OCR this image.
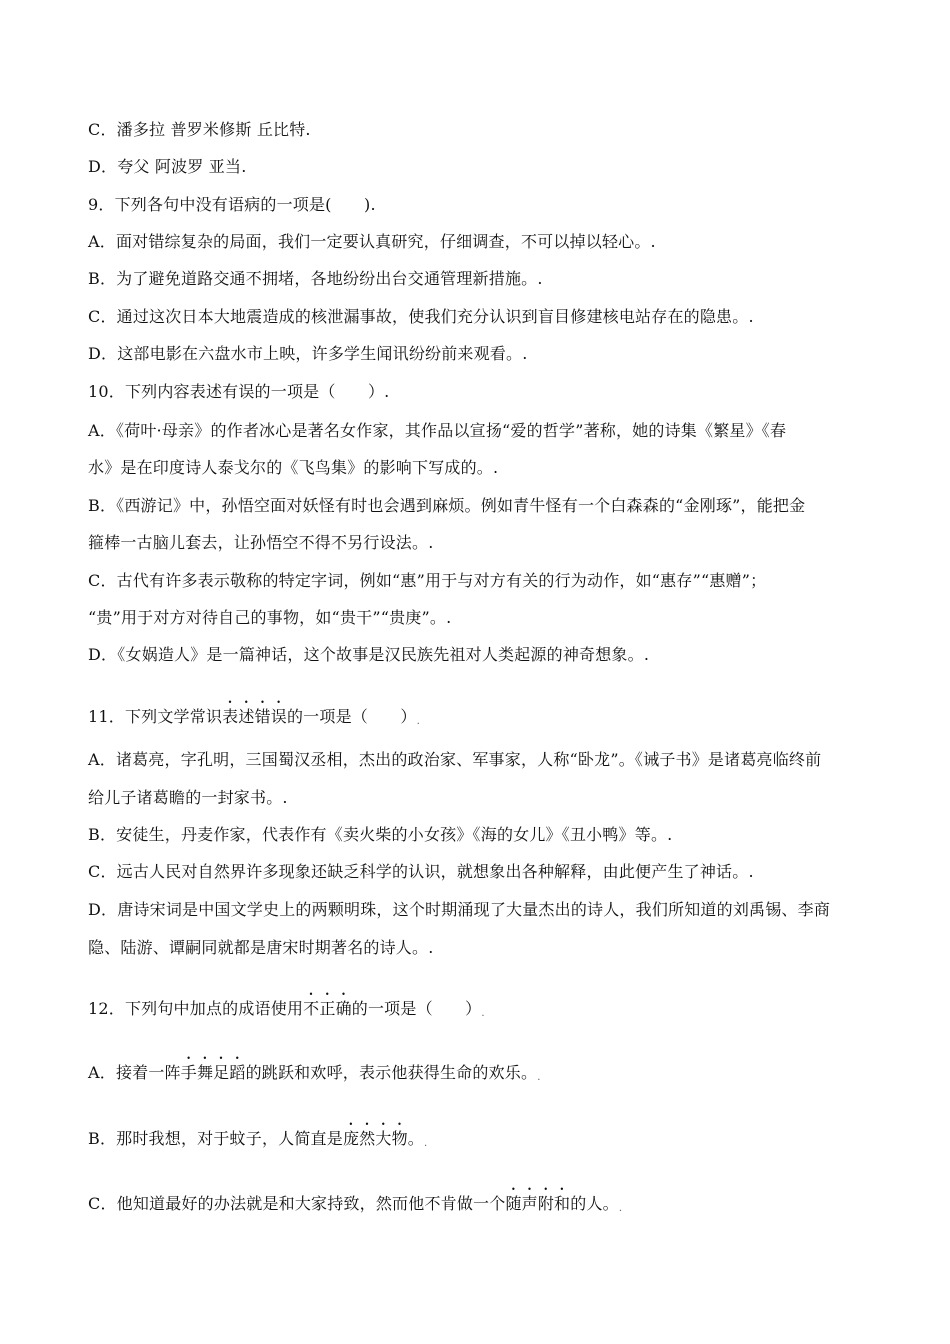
C．潘多拉 普罗米修斯 丘比特.
D．夸父 阿波罗 亚当.
9．下列各句中没有语病的一项是(　　).
A．面对错综复杂的局面，我们一定要认真研究，仔细调查，不可以掉以轻心。.
B．为了避免道路交通不拥堵，各地纷纷出台交通管理新措施。.
C．通过这次日本大地震造成的核泄漏事故，使我们充分认识到盲目修建核电站存在的隐患。.
D．这部电影在六盘水市上映，许多学生闻讯纷纷前来观看。.
10．下列内容表述有误的一项是（　　）.
A．《荷叶·母亲》的作者冰心是著名女作家，其作品以宣扬“爱的哲学”著称，她的诗集《繁星》《春
水》是在印度诗人泰戈尔的《飞鸟集》的影响下写成的。.
B．《西游记》中，孙悟空面对妖怪有时也会遇到麻烦。例如青牛怪有一个白森森的“金刚琢”，能把金
箍棒一古脑儿套去，让孙悟空不得不另行设法。.
C．古代有许多表示敬称的特定字词，例如“惠”用于与对方有关的行为动作，如“惠存”“惠赠”；
“贵”用于对方对待自己的事物，如“贵干”“贵庚”。.
D．《女娲造人》是一篇神话，这个故事是汉民族先祖对人类起源的神奇想象。.
11．下列文学常识表述错误的一项是（　　）.
A．诸葛亮，字孔明，三国蜀汉丞相，杰出的政治家、军事家，人称“卧龙”。《诫子书》是诸葛亮临终前
给儿子诸葛瞻的一封家书。.
B．安徒生，丹麦作家，代表作有《卖火柴的小女孩》《海的女儿》《丑小鸭》等。.
C．远古人民对自然界许多现象还缺乏科学的认识，就想象出各种解释，由此便产生了神话。.
D．唐诗宋词是中国文学史上的两颗明珠，这个时期涌现了大量杰出的诗人，我们所知道的刘禹锡、李商
隐、陆游、谭嗣同就都是唐宋时期著名的诗人。.
12．下列句中加点的成语使用不正确的一项是（　　）.
A．接着一阵手舞足蹈的跳跃和欢呼，表示他获得生命的欢乐。.
B．那时我想，对于蚊子，人简直是庞然大物。.
C．他知道最好的办法就是和大家持致，然而他不肯做一个随声附和的人。.
